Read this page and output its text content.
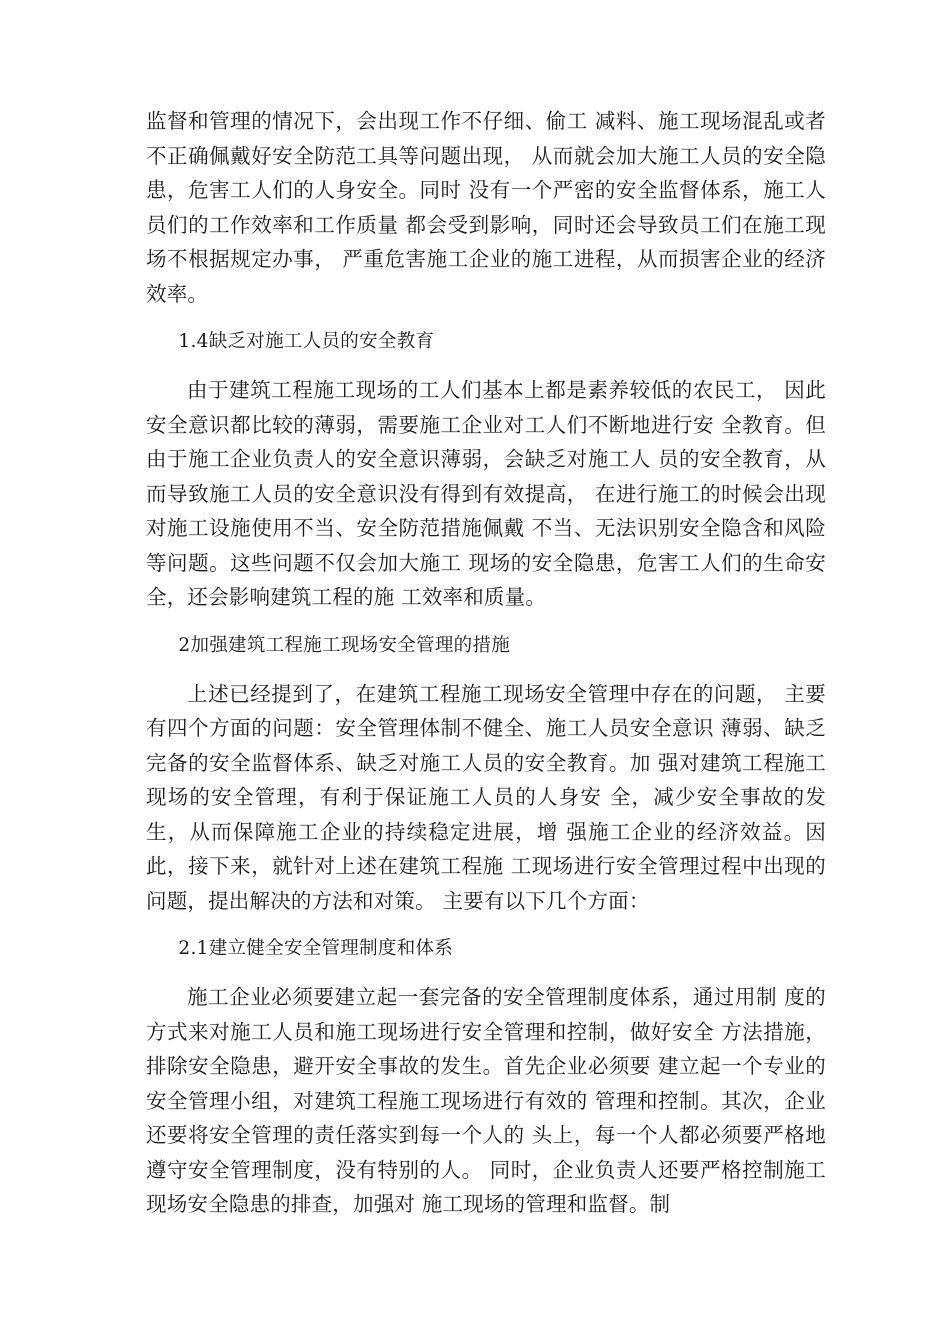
监督和管理的情况下，会出现工作不仔细、偷工 减料、施工现场混乱或者不正确佩戴好安全防范工具等问题出现， 从而就会加大施工人员的安全隐患，危害工人们的人身安全。同时 没有一个严密的安全监督体系，施工人员们的工作效率和工作质量 都会受到影响，同时还会导致员工们在施工现场不根据规定办事， 严重危害施工企业的施工进程，从而损害企业的经济效率。

1.4缺乏对施工人员的安全教育

由于建筑工程施工现场的工人们基本上都是素养较低的农民工， 因此安全意识都比较的薄弱，需要施工企业对工人们不断地进行安 全教育。但由于施工企业负责人的安全意识薄弱，会缺乏对施工人 员的安全教育，从而导致施工人员的安全意识没有得到有效提高， 在进行施工的时候会出现对施工设施使用不当、安全防范措施佩戴 不当、无法识别安全隐含和风险等问题。这些问题不仅会加大施工 现场的安全隐患，危害工人们的生命安全，还会影响建筑工程的施 工效率和质量。

2加强建筑工程施工现场安全管理的措施

上述已经提到了，在建筑工程施工现场安全管理中存在的问题， 主要有四个方面的问题：安全管理体制不健全、施工人员安全意识 薄弱、缺乏完备的安全监督体系、缺乏对施工人员的安全教育。加 强对建筑工程施工现场的安全管理，有利于保证施工人员的人身安 全，减少安全事故的发生，从而保障施工企业的持续稳定进展，增 强施工企业的经济效益。因此，接下来，就针对上述在建筑工程施 工现场进行安全管理过程中出现的问题，提出解决的方法和对策。 主要有以下几个方面：

2.1建立健全安全管理制度和体系

施工企业必须要建立起一套完备的安全管理制度体系，通过用制 度的方式来对施工人员和施工现场进行安全管理和控制，做好安全 方法措施，排除安全隐患，避开安全事故的发生。首先企业必须要 建立起一个专业的安全管理小组，对建筑工程施工现场进行有效的 管理和控制。其次，企业还要将安全管理的责任落实到每一个人的 头上，每一个人都必须要严格地遵守安全管理制度，没有特别的人。 同时，企业负责人还要严格控制施工现场安全隐患的排查，加强对 施工现场的管理和监督。制
